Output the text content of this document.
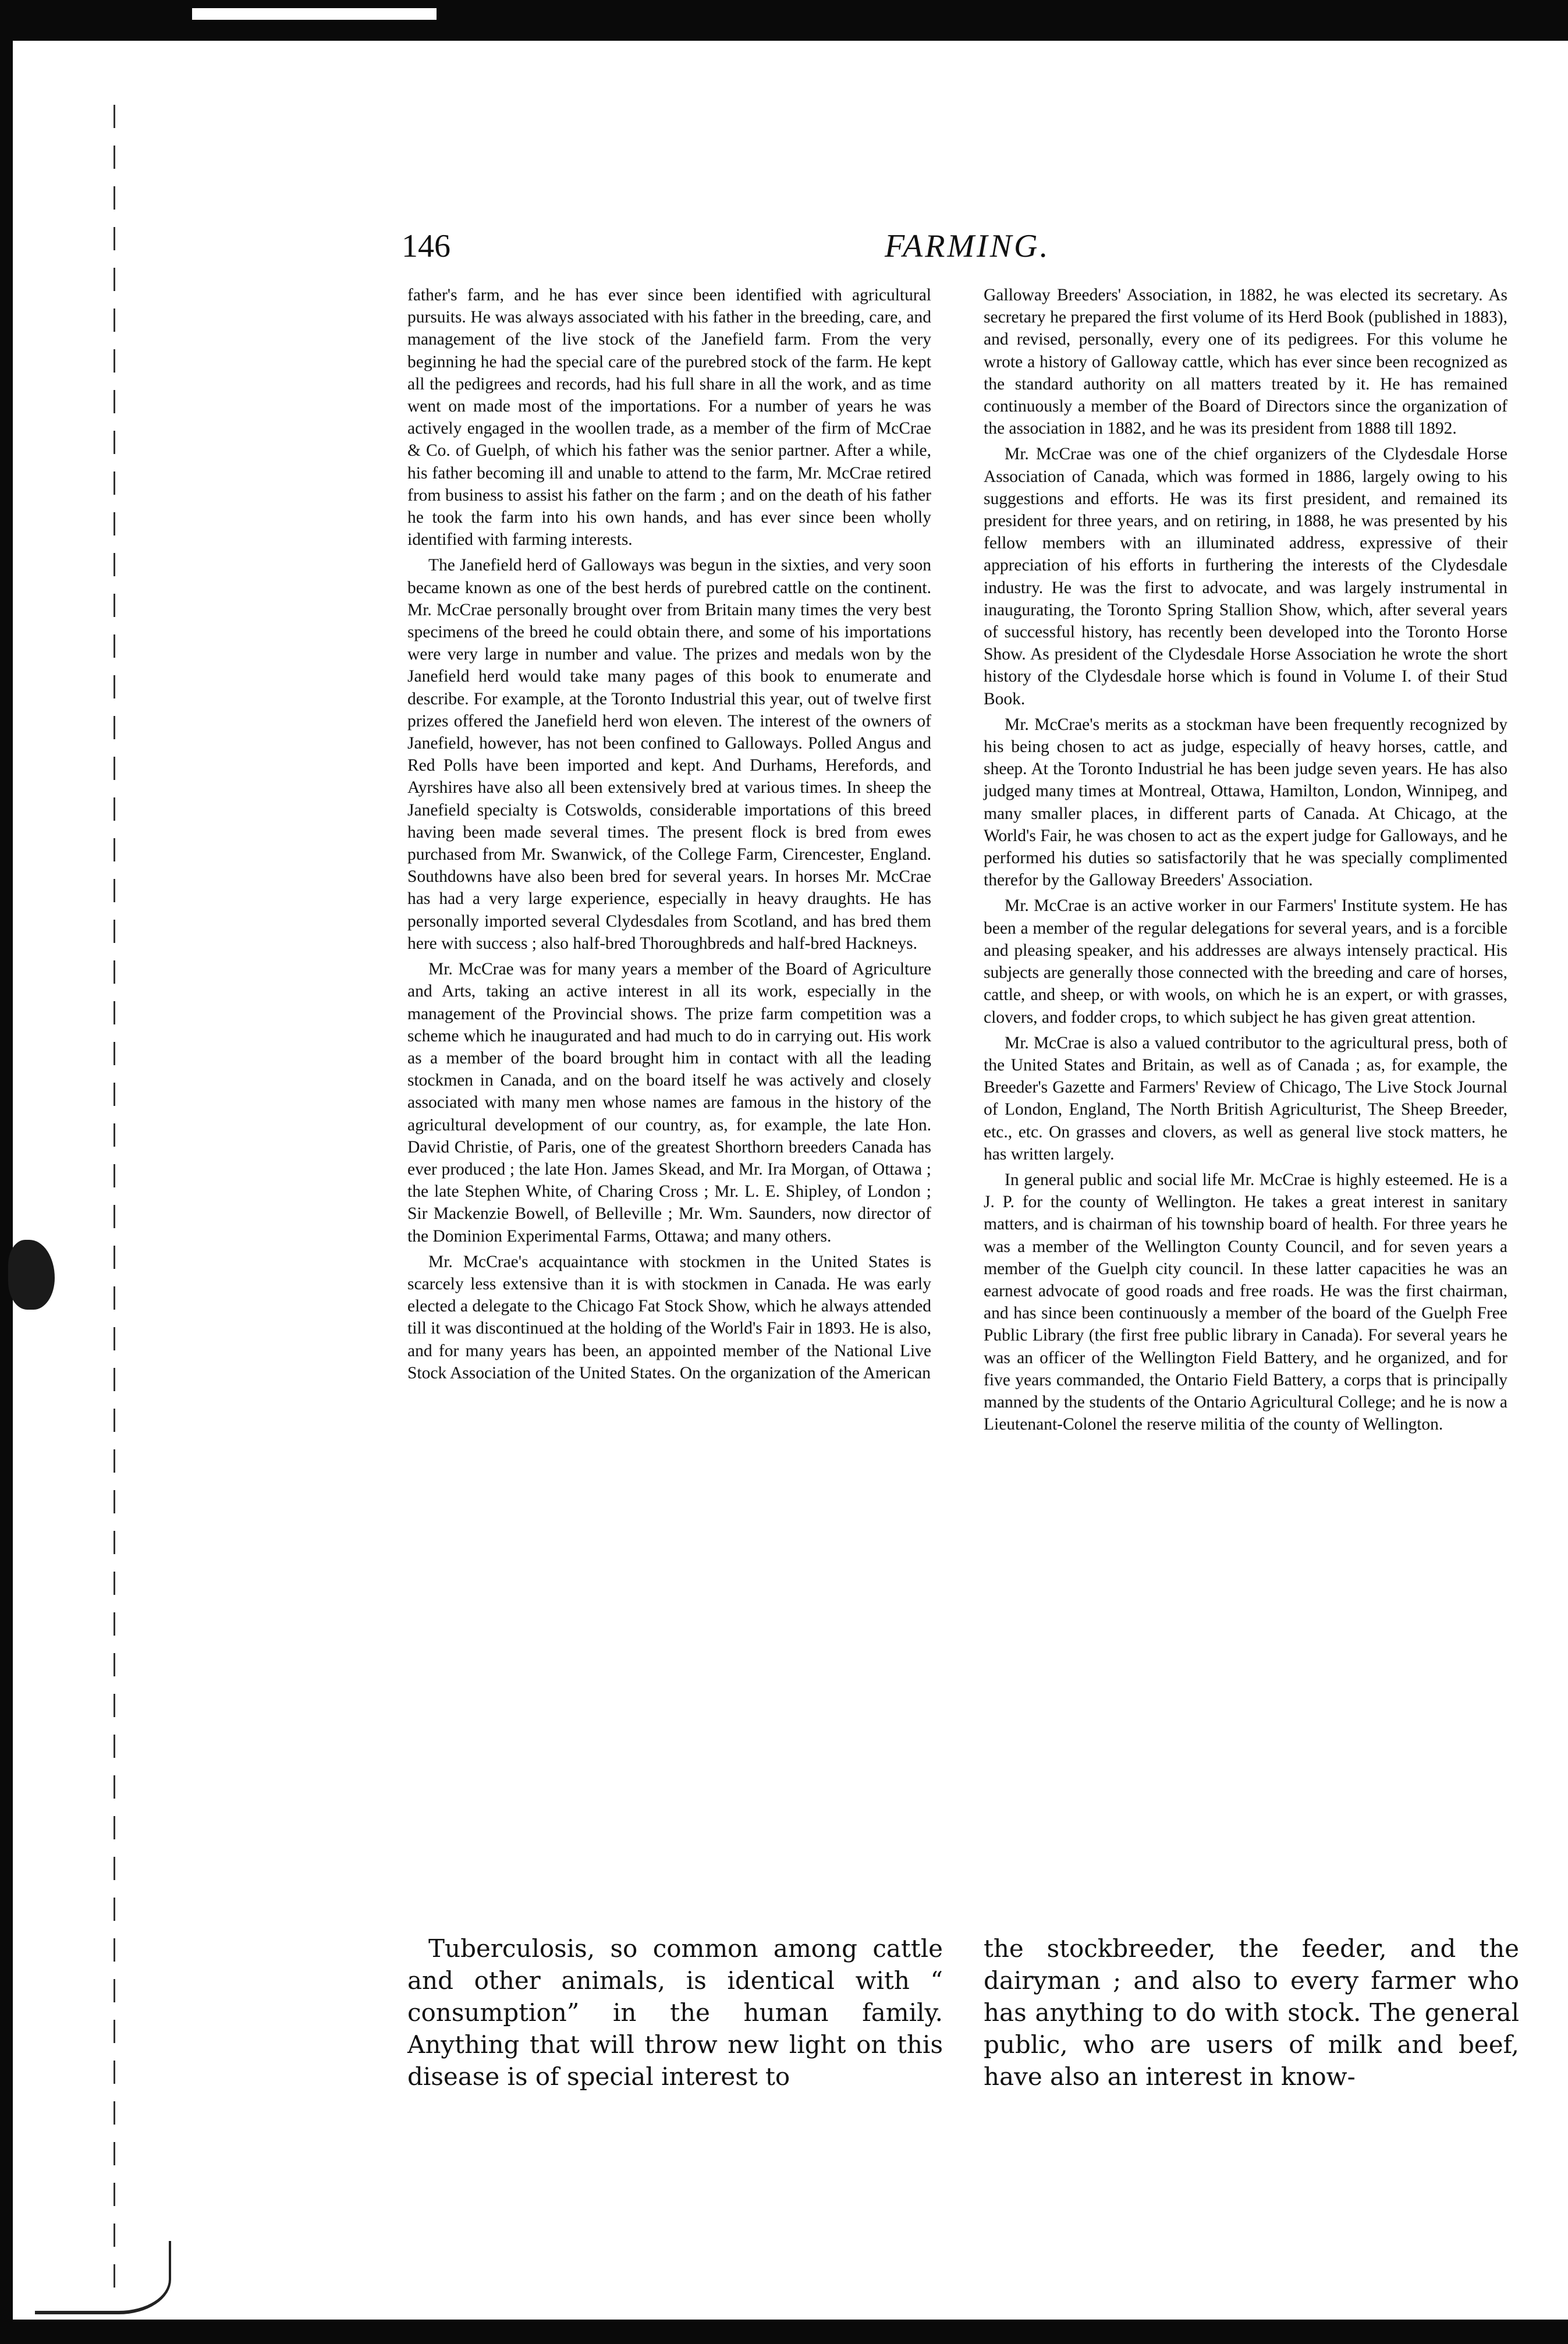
146	FARMING.

father's farm, and he has ever since been identified with agricultural pursuits. He was always associated with his father in the breeding, care, and management of the live stock of the Janefield farm. From the very beginning he had the special care of the purebred stock of the farm. He kept all the pedigrees and records, had his full share in all the work, and as time went on made most of the importations. For a number of years he was actively engaged in the woollen trade, as a member of the firm of McCrae & Co. of Guelph, of which his father was the senior partner. After a while, his father becoming ill and unable to attend to the farm, Mr. McCrae retired from business to assist his father on the farm ; and on the death of his father he took the farm into his own hands, and has ever since been wholly identified with farming interests.

The Janefield herd of Galloways was begun in the sixties, and very soon became known as one of the best herds of purebred cattle on the continent. Mr. McCrae personally brought over from Britain many times the very best specimens of the breed he could obtain there, and some of his importations were very large in number and value. The prizes and medals won by the Janefield herd would take many pages of this book to enumerate and describe. For example, at the Toronto Industrial this year, out of twelve first prizes offered the Janefield herd won eleven. The interest of the owners of Janefield, however, has not been confined to Galloways. Polled Angus and Red Polls have been imported and kept. And Durhams, Herefords, and Ayrshires have also all been extensively bred at various times. In sheep the Janefield specialty is Cotswolds, considerable importations of this breed having been made several times. The present flock is bred from ewes purchased from Mr. Swanwick, of the College Farm, Cirencester, England. Southdowns have also been bred for several years. In horses Mr. McCrae has had a very large experience, especially in heavy draughts. He has personally imported several Clydesdales from Scotland, and has bred them here with success ; also half-bred Thoroughbreds and half-bred Hackneys.

Mr. McCrae was for many years a member of the Board of Agriculture and Arts, taking an active interest in all its work, especially in the management of the Provincial shows. The prize farm competition was a scheme which he inaugurated and had much to do in carrying out. His work as a member of the board brought him in contact with all the leading stockmen in Canada, and on the board itself he was actively and closely associated with many men whose names are famous in the history of the agricultural development of our country, as, for example, the late Hon. David Christie, of Paris, one of the greatest Shorthorn breeders Canada has ever produced ; the late Hon. James Skead, and Mr. Ira Morgan, of Ottawa ; the late Stephen White, of Charing Cross ; Mr. L. E. Shipley, of London ; Sir Mackenzie Bowell, of Belleville ; Mr. Wm. Saunders, now director of the Dominion Experimental Farms, Ottawa; and many others.

Mr. McCrae's acquaintance with stockmen in the United States is scarcely less extensive than it is with stockmen in Canada. He was early elected a delegate to the Chicago Fat Stock Show, which he always attended till it was discontinued at the holding of the World's Fair in 1893. He is also, and for many years has been, an appointed member of the National Live Stock Association of the United States. On the organization of the American

Galloway Breeders' Association, in 1882, he was elected its secretary. As secretary he prepared the first volume of its Herd Book (published in 1883), and revised, personally, every one of its pedigrees. For this volume he wrote a history of Galloway cattle, which has ever since been recognized as the standard authority on all matters treated by it. He has remained continuously a member of the Board of Directors since the organization of the association in 1882, and he was its president from 1888 till 1892.

Mr. McCrae was one of the chief organizers of the Clydesdale Horse Association of Canada, which was formed in 1886, largely owing to his suggestions and efforts. He was its first president, and remained its president for three years, and on retiring, in 1888, he was presented by his fellow members with an illuminated address, expressive of their appreciation of his efforts in furthering the interests of the Clydesdale industry. He was the first to advocate, and was largely instrumental in inaugurating, the Toronto Spring Stallion Show, which, after several years of successful history, has recently been developed into the Toronto Horse Show. As president of the Clydesdale Horse Association he wrote the short history of the Clydesdale horse which is found in Volume I. of their Stud Book.

Mr. McCrae's merits as a stockman have been frequently recognized by his being chosen to act as judge, especially of heavy horses, cattle, and sheep. At the Toronto Industrial he has been judge seven years. He has also judged many times at Montreal, Ottawa, Hamilton, London, Winnipeg, and many smaller places, in different parts of Canada. At Chicago, at the World's Fair, he was chosen to act as the expert judge for Galloways, and he performed his duties so satisfactorily that he was specially complimented therefor by the Galloway Breeders' Association.

Mr. McCrae is an active worker in our Farmers' Institute system. He has been a member of the regular delegations for several years, and is a forcible and pleasing speaker, and his addresses are always intensely practical. His subjects are generally those connected with the breeding and care of horses, cattle, and sheep, or with wools, on which he is an expert, or with grasses, clovers, and fodder crops, to which subject he has given great attention.

Mr. McCrae is also a valued contributor to the agricultural press, both of the United States and Britain, as well as of Canada ; as, for example, the Breeder's Gazette and Farmers' Review of Chicago, The Live Stock Journal of London, England, The North British Agriculturist, The Sheep Breeder, etc., etc. On grasses and clovers, as well as general live stock matters, he has written largely.

In general public and social life Mr. McCrae is highly esteemed. He is a J. P. for the county of Wellington. He takes a great interest in sanitary matters, and is chairman of his township board of health. For three years he was a member of the Wellington County Council, and for seven years a member of the Guelph city council. In these latter capacities he was an earnest advocate of good roads and free roads. He was the first chairman, and has since been continuously a member of the board of the Guelph Free Public Library (the first free public library in Canada). For several years he was an officer of the Wellington Field Battery, and he organized, and for five years commanded, the Ontario Field Battery, a corps that is principally manned by the students of the Ontario Agricultural College; and he is now a Lieutenant-Colonel the reserve militia of the county of Wellington.

Tuberculosis, so common among cattle and other animals, is identical with “ consumption” in the human family. Anything that will throw new light on this disease is of special interest to

the stockbreeder, the feeder, and the dairyman ; and also to every farmer who has anything to do with stock. The general public, who are users of milk and beef, have also an interest in know-
